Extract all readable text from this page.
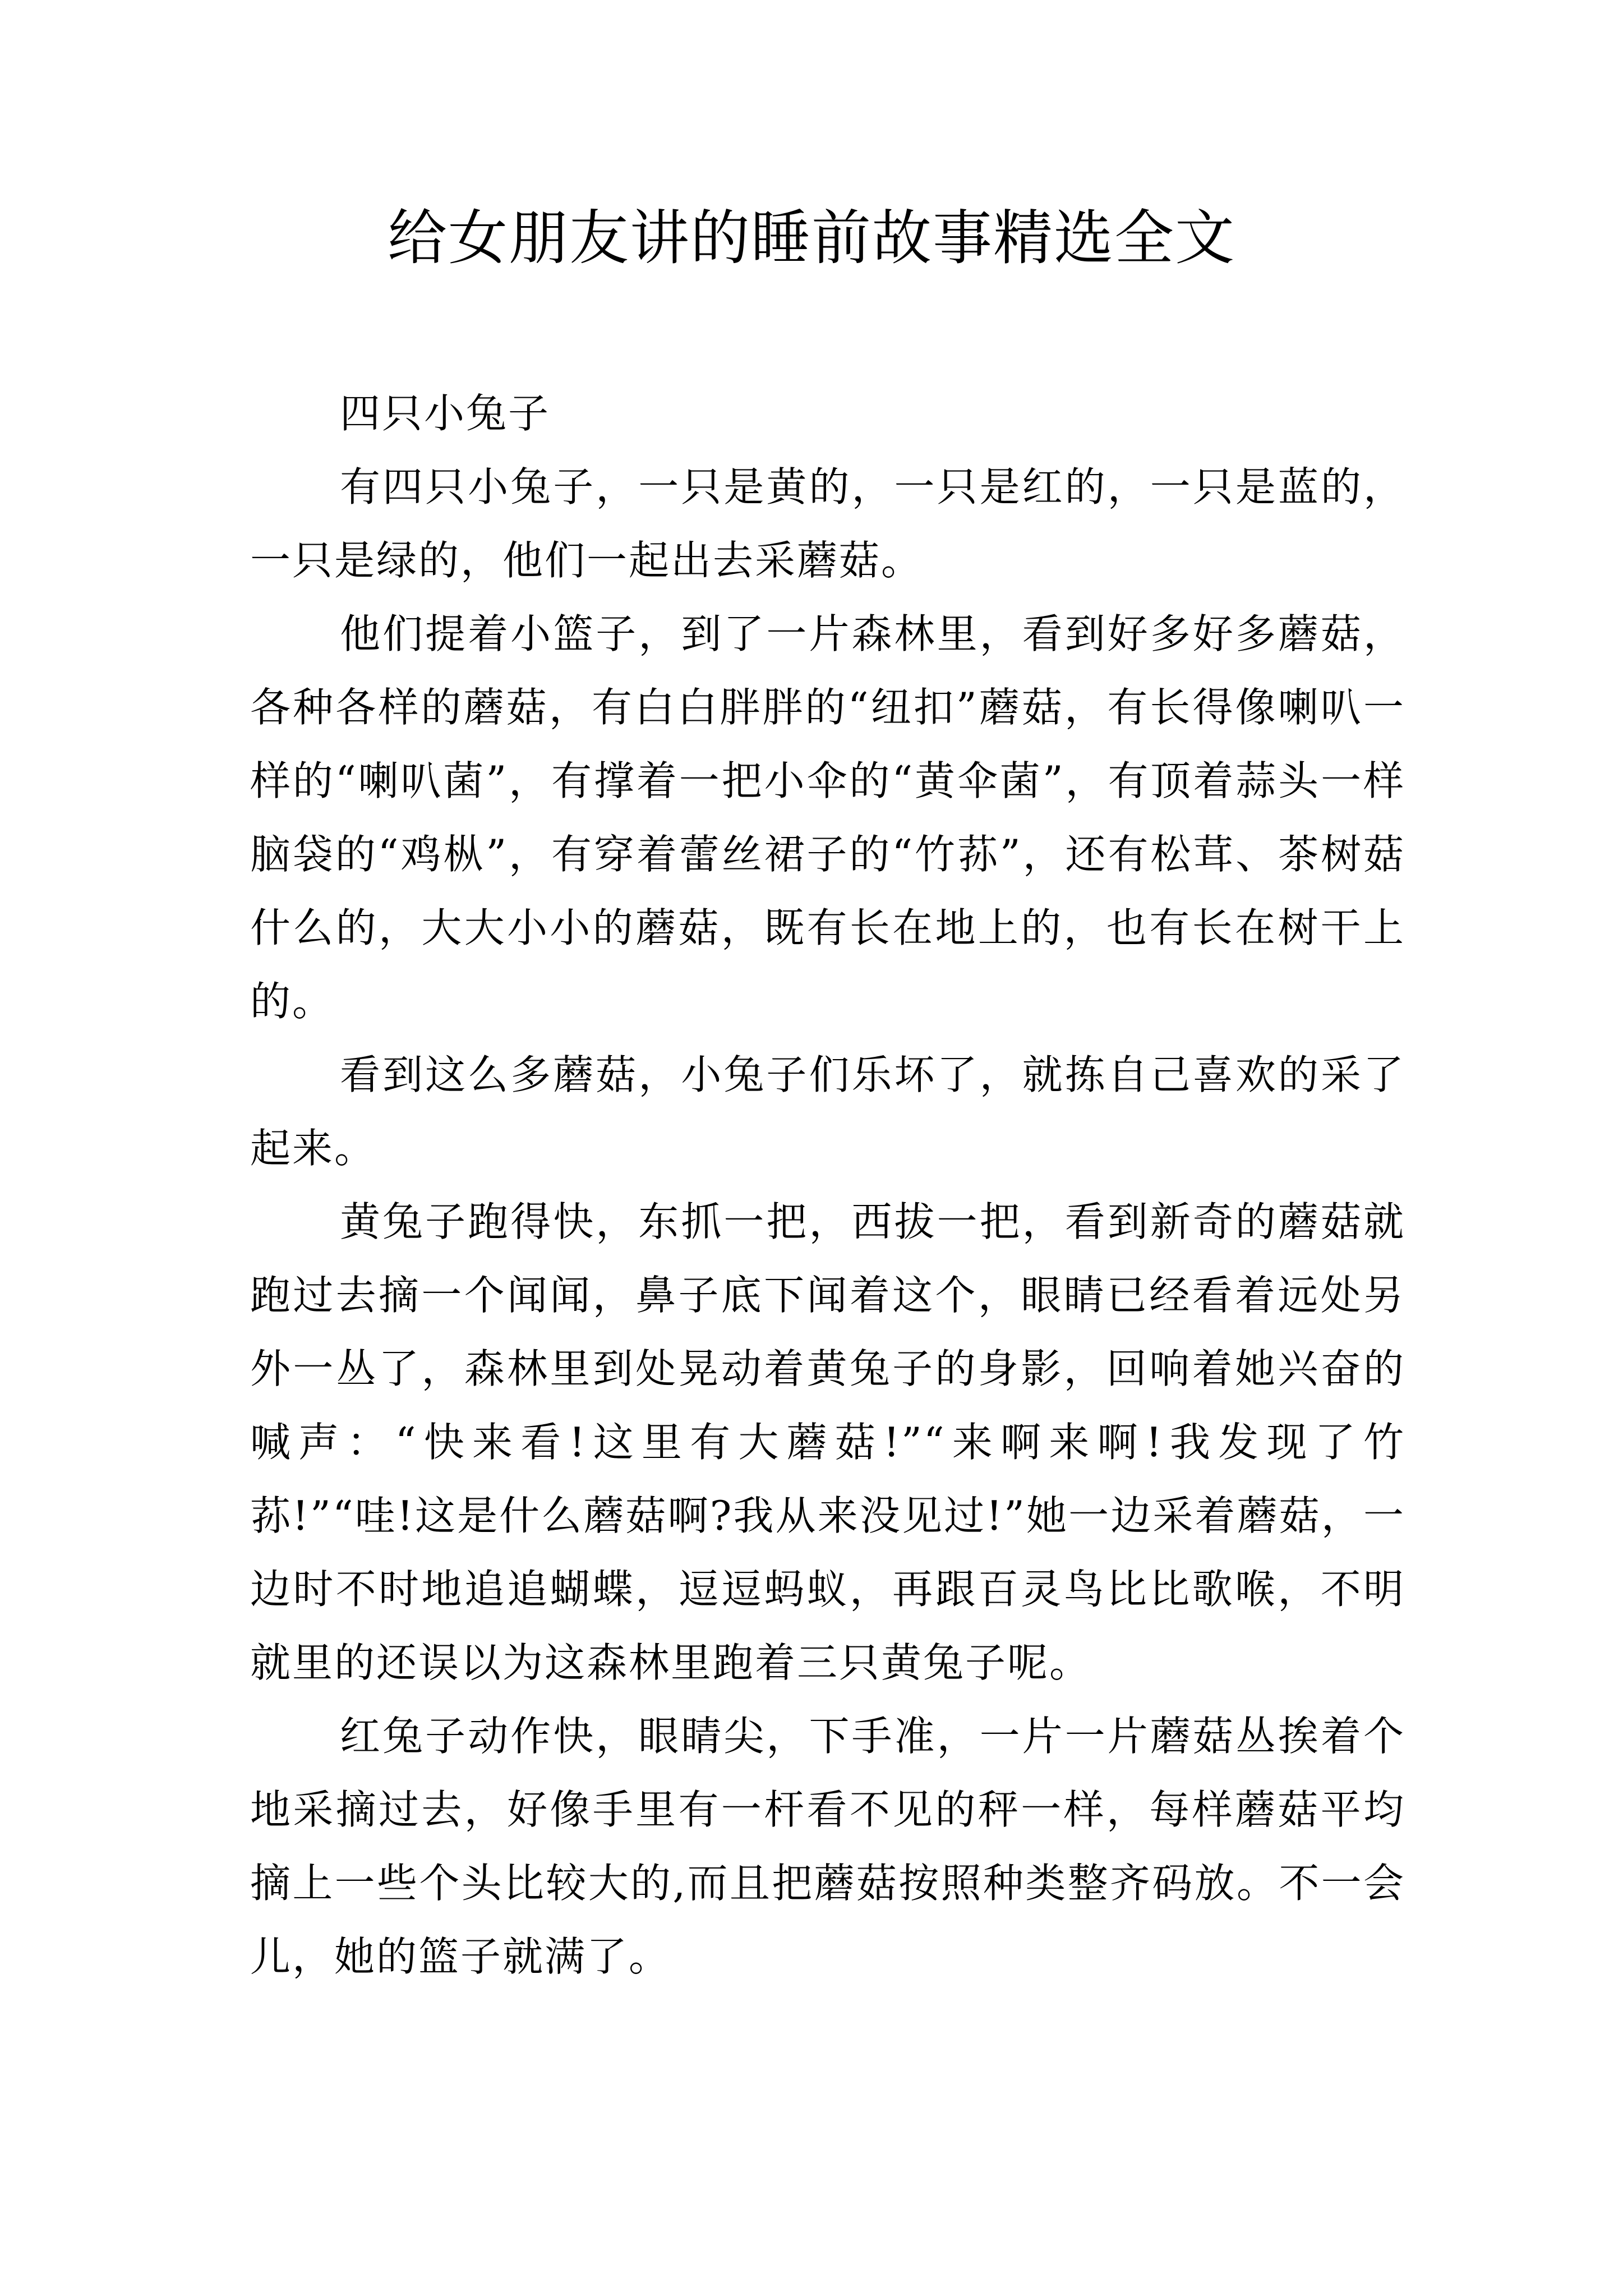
给女朋友讲的睡前故事精选全文

四只小兔子

有四只小兔子，一只是黄的，一只是红的，一只是蓝的，一只是绿的，他们一起出去采蘑菇。

他们提着小篮子，到了一片森林里，看到好多好多蘑菇，各种各样的蘑菇，有白白胖胖的“纽扣”蘑菇，有长得像喇叭一样的“喇叭菌”，有撑着一把小伞的“黄伞菌”，有顶着蒜头一样脑袋的“鸡枞”，有穿着蕾丝裙子的“竹荪”，还有松茸、茶树菇什么的，大大小小的蘑菇，既有长在地上的，也有长在树干上的。

看到这么多蘑菇，小兔子们乐坏了，就拣自己喜欢的采了起来。

黄兔子跑得快，东抓一把，西拔一把，看到新奇的蘑菇就跑过去摘一个闻闻，鼻子底下闻着这个，眼睛已经看着远处另外一丛了，森林里到处晃动着黄兔子的身影，回响着她兴奋的喊声：“快来看!这里有大蘑菇!”“来啊来啊!我发现了竹荪!”“哇!这是什么蘑菇啊?我从来没见过!”她一边采着蘑菇，一边时不时地追追蝴蝶，逗逗蚂蚁，再跟百灵鸟比比歌喉，不明就里的还误以为这森林里跑着三只黄兔子呢。

红兔子动作快，眼睛尖，下手准，一片一片蘑菇丛挨着个地采摘过去，好像手里有一杆看不见的秤一样，每样蘑菇平均摘上一些个头比较大的,而且把蘑菇按照种类整齐码放。不一会儿，她的篮子就满了。
